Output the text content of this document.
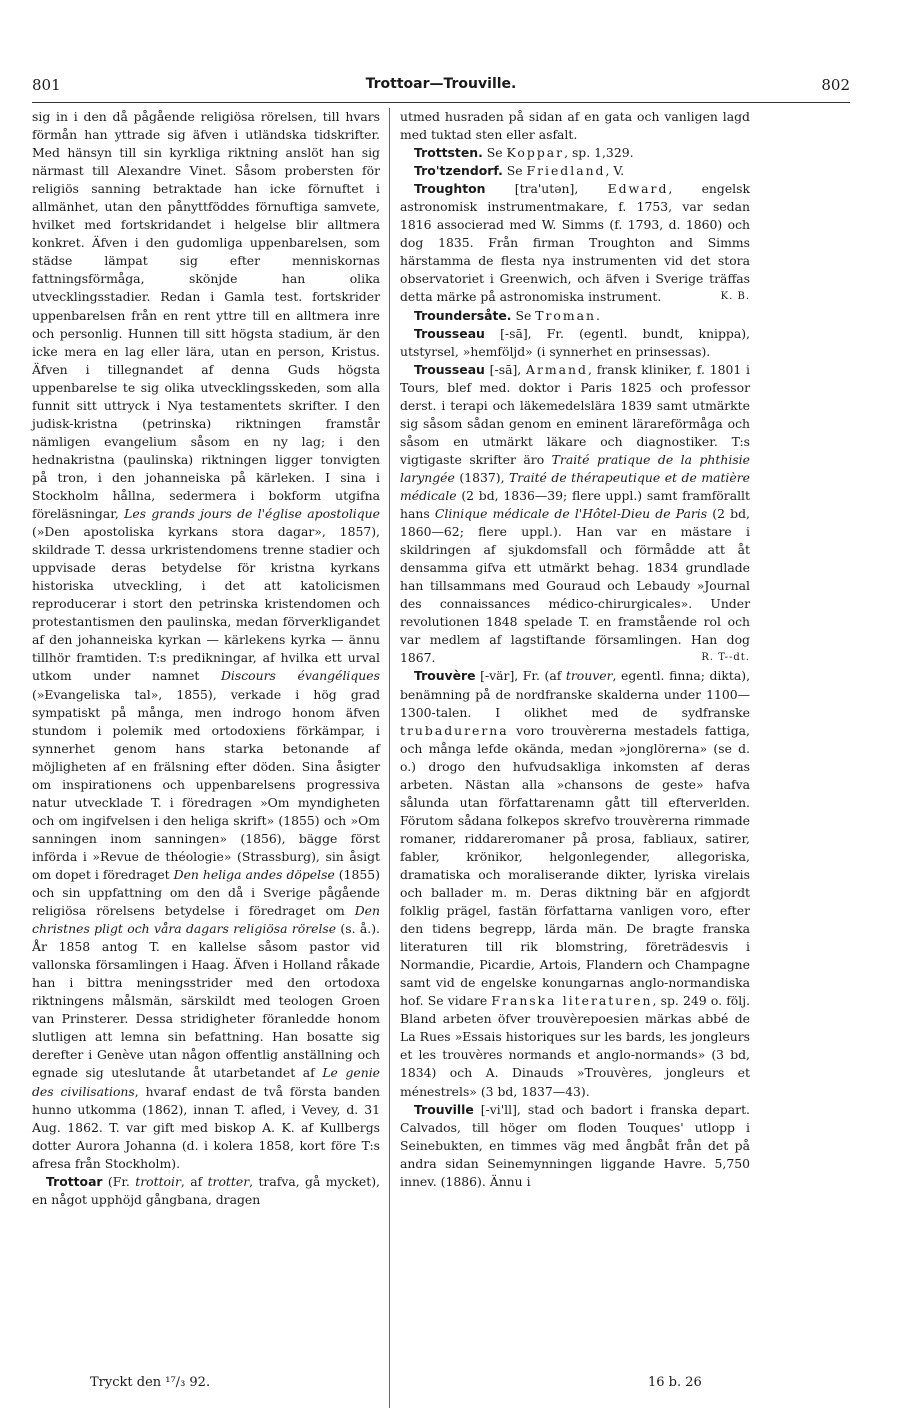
801	Trottoar—Trouville.	802

sig in i den då pågående religiösa rörelsen, till hvars förmån han yttrade sig äfven i utländska tidskrifter. Med hänsyn till sin kyrkliga riktning anslöt han sig närmast till Alexandre Vinet. Såsom probersten för religiös sanning betraktade han icke förnuftet i allmänhet, utan den pånyttföddes förnuftiga samvete, hvilket med fortskridandet i helgelse blir alltmera konkret. Äfven i den gudomliga uppenbarelsen, som städse lämpat sig efter menniskornas fattningsförmåga, skönjde han olika utvecklingsstadier. Redan i Gamla test. fortskrider uppenbarelsen från en rent yttre till en alltmera inre och personlig. Hunnen till sitt högsta stadium, är den icke mera en lag eller lära, utan en person, Kristus. Äfven i tillegnandet af denna Guds högsta uppenbarelse te sig olika utvecklingsskeden, som alla funnit sitt uttryck i Nya testamentets skrifter. I den judisk-kristna (petrinska) riktningen framstår nämligen evangelium såsom en ny lag; i den hednakristna (paulinska) riktningen ligger tonvigten på tron, i den johanneiska på kärleken. I sina i Stockholm hållna, sedermera i bokform utgifna föreläsningar, Les grands jours de l'église apostolique (»Den apostoliska kyrkans stora dagar», 1857), skildrade T. dessa urkristendomens trenne stadier och uppvisade deras betydelse för kristna kyrkans historiska utveckling, i det att katolicismen reproducerar i stort den petrinska kristendomen och protestantismen den paulinska, medan förverkligandet af den johanneiska kyrkan — kärlekens kyrka — ännu tillhör framtiden. T:s predikningar, af hvilka ett urval utkom under namnet Discours évangéliques (»Evangeliska tal», 1855), verkade i hög grad sympatiskt på många, men indrogo honom äfven stundom i polemik med ortodoxiens förkämpar, i synnerhet genom hans starka betonande af möjligheten af en frälsning efter döden. Sina åsigter om inspirationens och uppenbarelsens progressiva natur utvecklade T. i föredragen »Om myndigheten och om ingifvelsen i den heliga skrift» (1855) och »Om sanningen inom sanningen» (1856), bägge först införda i »Revue de théologie» (Strassburg), sin åsigt om dopet i föredraget Den heliga andes döpelse (1855) och sin uppfattning om den då i Sverige pågående religiösa rörelsens betydelse i föredraget om Den christnes pligt och våra dagars religiösa rörelse (s. å.). År 1858 antog T. en kallelse såsom pastor vid vallonska församlingen i Haag. Äfven i Holland råkade han i bittra meningsstrider med den ortodoxa riktningens målsmän, särskildt med teologen Groen van Prinsterer. Dessa stridigheter föranledde honom slutligen att lemna sin befattning. Han bosatte sig derefter i Genève utan någon offentlig anställning och egnade sig uteslutande åt utarbetandet af Le genie des civilisations, hvaraf endast de två första banden hunno utkomma (1862), innan T. afled, i Vevey, d. 31 Aug. 1862. T. var gift med biskop A. K. af Kullbergs dotter Aurora Johanna (d. i kolera 1858, kort före T:s afresa från Stockholm).

Trottoar (Fr. trottoir, af trotter, trafva, gå mycket), en något upphöjd gångbana, dragen

utmed husraden på sidan af en gata och vanligen lagd med tuktad sten eller asfalt.

Trottsten. Se Koppar, sp. 1,329.

Tro'tzendorf. Se Friedland, V.

Troughton [tra'utən], Edward, engelsk astronomisk instrumentmakare, f. 1753, var sedan 1816 associerad med W. Simms (f. 1793, d. 1860) och dog 1835. Från firman Troughton and Simms härstamma de flesta nya instrumenten vid det stora observatoriet i Greenwich, och äfven i Sverige träffas detta märke på astronomiska instrument.	K. B.

Troundersåte. Se Troman.

Trousseau [-sā], Fr. (egentl. bundt, knippa), utstyrsel, »hemföljd» (i synnerhet en prinsessas).

Trousseau [-sā], Armand, fransk kliniker, f. 1801 i Tours, blef med. doktor i Paris 1825 och professor derst. i terapi och läkemedelslära 1839 samt utmärkte sig såsom sådan genom en eminent lärareförmåga och såsom en utmärkt läkare och diagnostiker. T:s vigtigaste skrifter äro Traité pratique de la phthisie laryngée (1837), Traité de thérapeutique et de matière médicale (2 bd, 1836—39; flere uppl.) samt framförallt hans Clinique médicale de l'Hôtel-Dieu de Paris (2 bd, 1860—62; flere uppl.). Han var en mästare i skildringen af sjukdomsfall och förmådde att åt densamma gifva ett utmärkt behag. 1834 grundlade han tillsammans med Gouraud och Lebaudy »Journal des connaissances médico-chirurgicales». Under revolutionen 1848 spelade T. en framstående rol och var medlem af lagstiftande församlingen. Han dog 1867.	R. T--dt.

Trouvère [-vär], Fr. (af trouver, egentl. finna; dikta), benämning på de nordfranske skalderna under 1100—1300-talen. I olikhet med de sydfranske trubadurerna voro trouvèrerna mestadels fattiga, och många lefde okända, medan »jonglörerna» (se d. o.) drogo den hufvudsakliga inkomsten af deras arbeten. Nästan alla »chansons de geste» hafva sålunda utan författarenamn gått till efterverlden. Förutom sådana folkepos skrefvo trouvèrerna rimmade romaner, riddareromaner på prosa, fabliaux, satirer, fabler, krönikor, helgonlegender, allegoriska, dramatiska och moraliserande dikter, lyriska virelais och ballader m. m. Deras diktning bär en afgjordt folklig prägel, fastän författarna vanligen voro, efter den tidens begrepp, lärda män. De bragte franska literaturen till rik blomstring, företrädesvis i Normandie, Picardie, Artois, Flandern och Champagne samt vid de engelske konungarnas anglo-normandiska hof. Se vidare Franska literaturen, sp. 249 o. följ. Bland arbeten öfver trouvèrepoesien märkas abbé de La Rues »Essais historiques sur les bards, les jongleurs et les trouvères normands et anglo-normands» (3 bd, 1834) och A. Dinauds »Trouvères, jongleurs et ménestrels» (3 bd, 1837—43).

Trouville [-vi'll], stad och badort i franska depart. Calvados, till höger om floden Touques' utlopp i Seinebukten, en timmes väg med ångbåt från det på andra sidan Seinemynningen liggande Havre. 5,750 innev. (1886). Ännu i

Tryckt den ¹⁷/₃ 92.	16 b. 26
